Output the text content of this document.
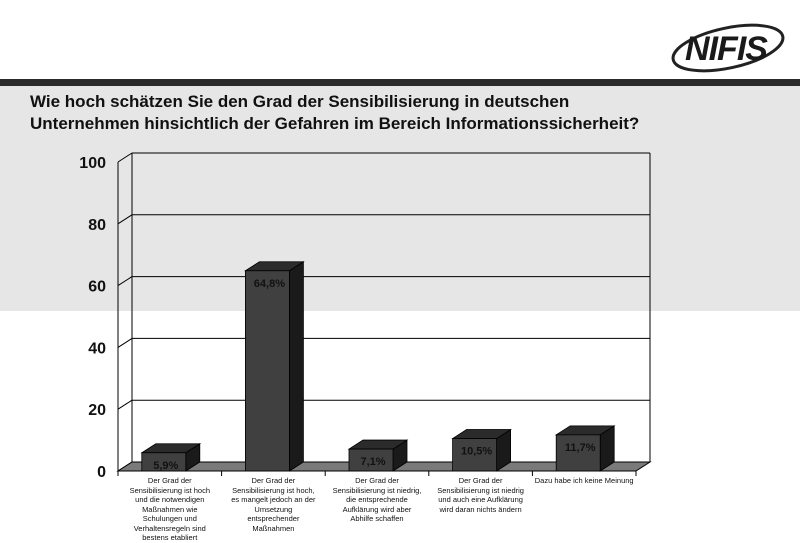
NIFIS
Wie hoch schätzen Sie den Grad der Sensibilisierung in deutschen
Unternehmen hinsichtlich der Gefahren im Bereich Informationssicherheit?
0
20
40
60
80
100
5,9%
64,8%
7,1%
10,5%	11,7%
Der Grad der Sensibilisierung ist hoch und die notwendigen Maßnahmen wie Schulungen und Verhaltensregeln sind bestens etabliert
Der Grad der Sensibilisierung ist hoch, es mangelt jedoch an der Umsetzung entsprechender Maßnahmen
Der Grad der Sensibilisierung ist niedrig, die entsprechende Aufklärung wird aber Abhilfe schaffen
Der Grad der Sensibilisierung ist niedrig und auch eine Aufklärung wird daran nichts ändern
Dazu habe ich keine Meinung
